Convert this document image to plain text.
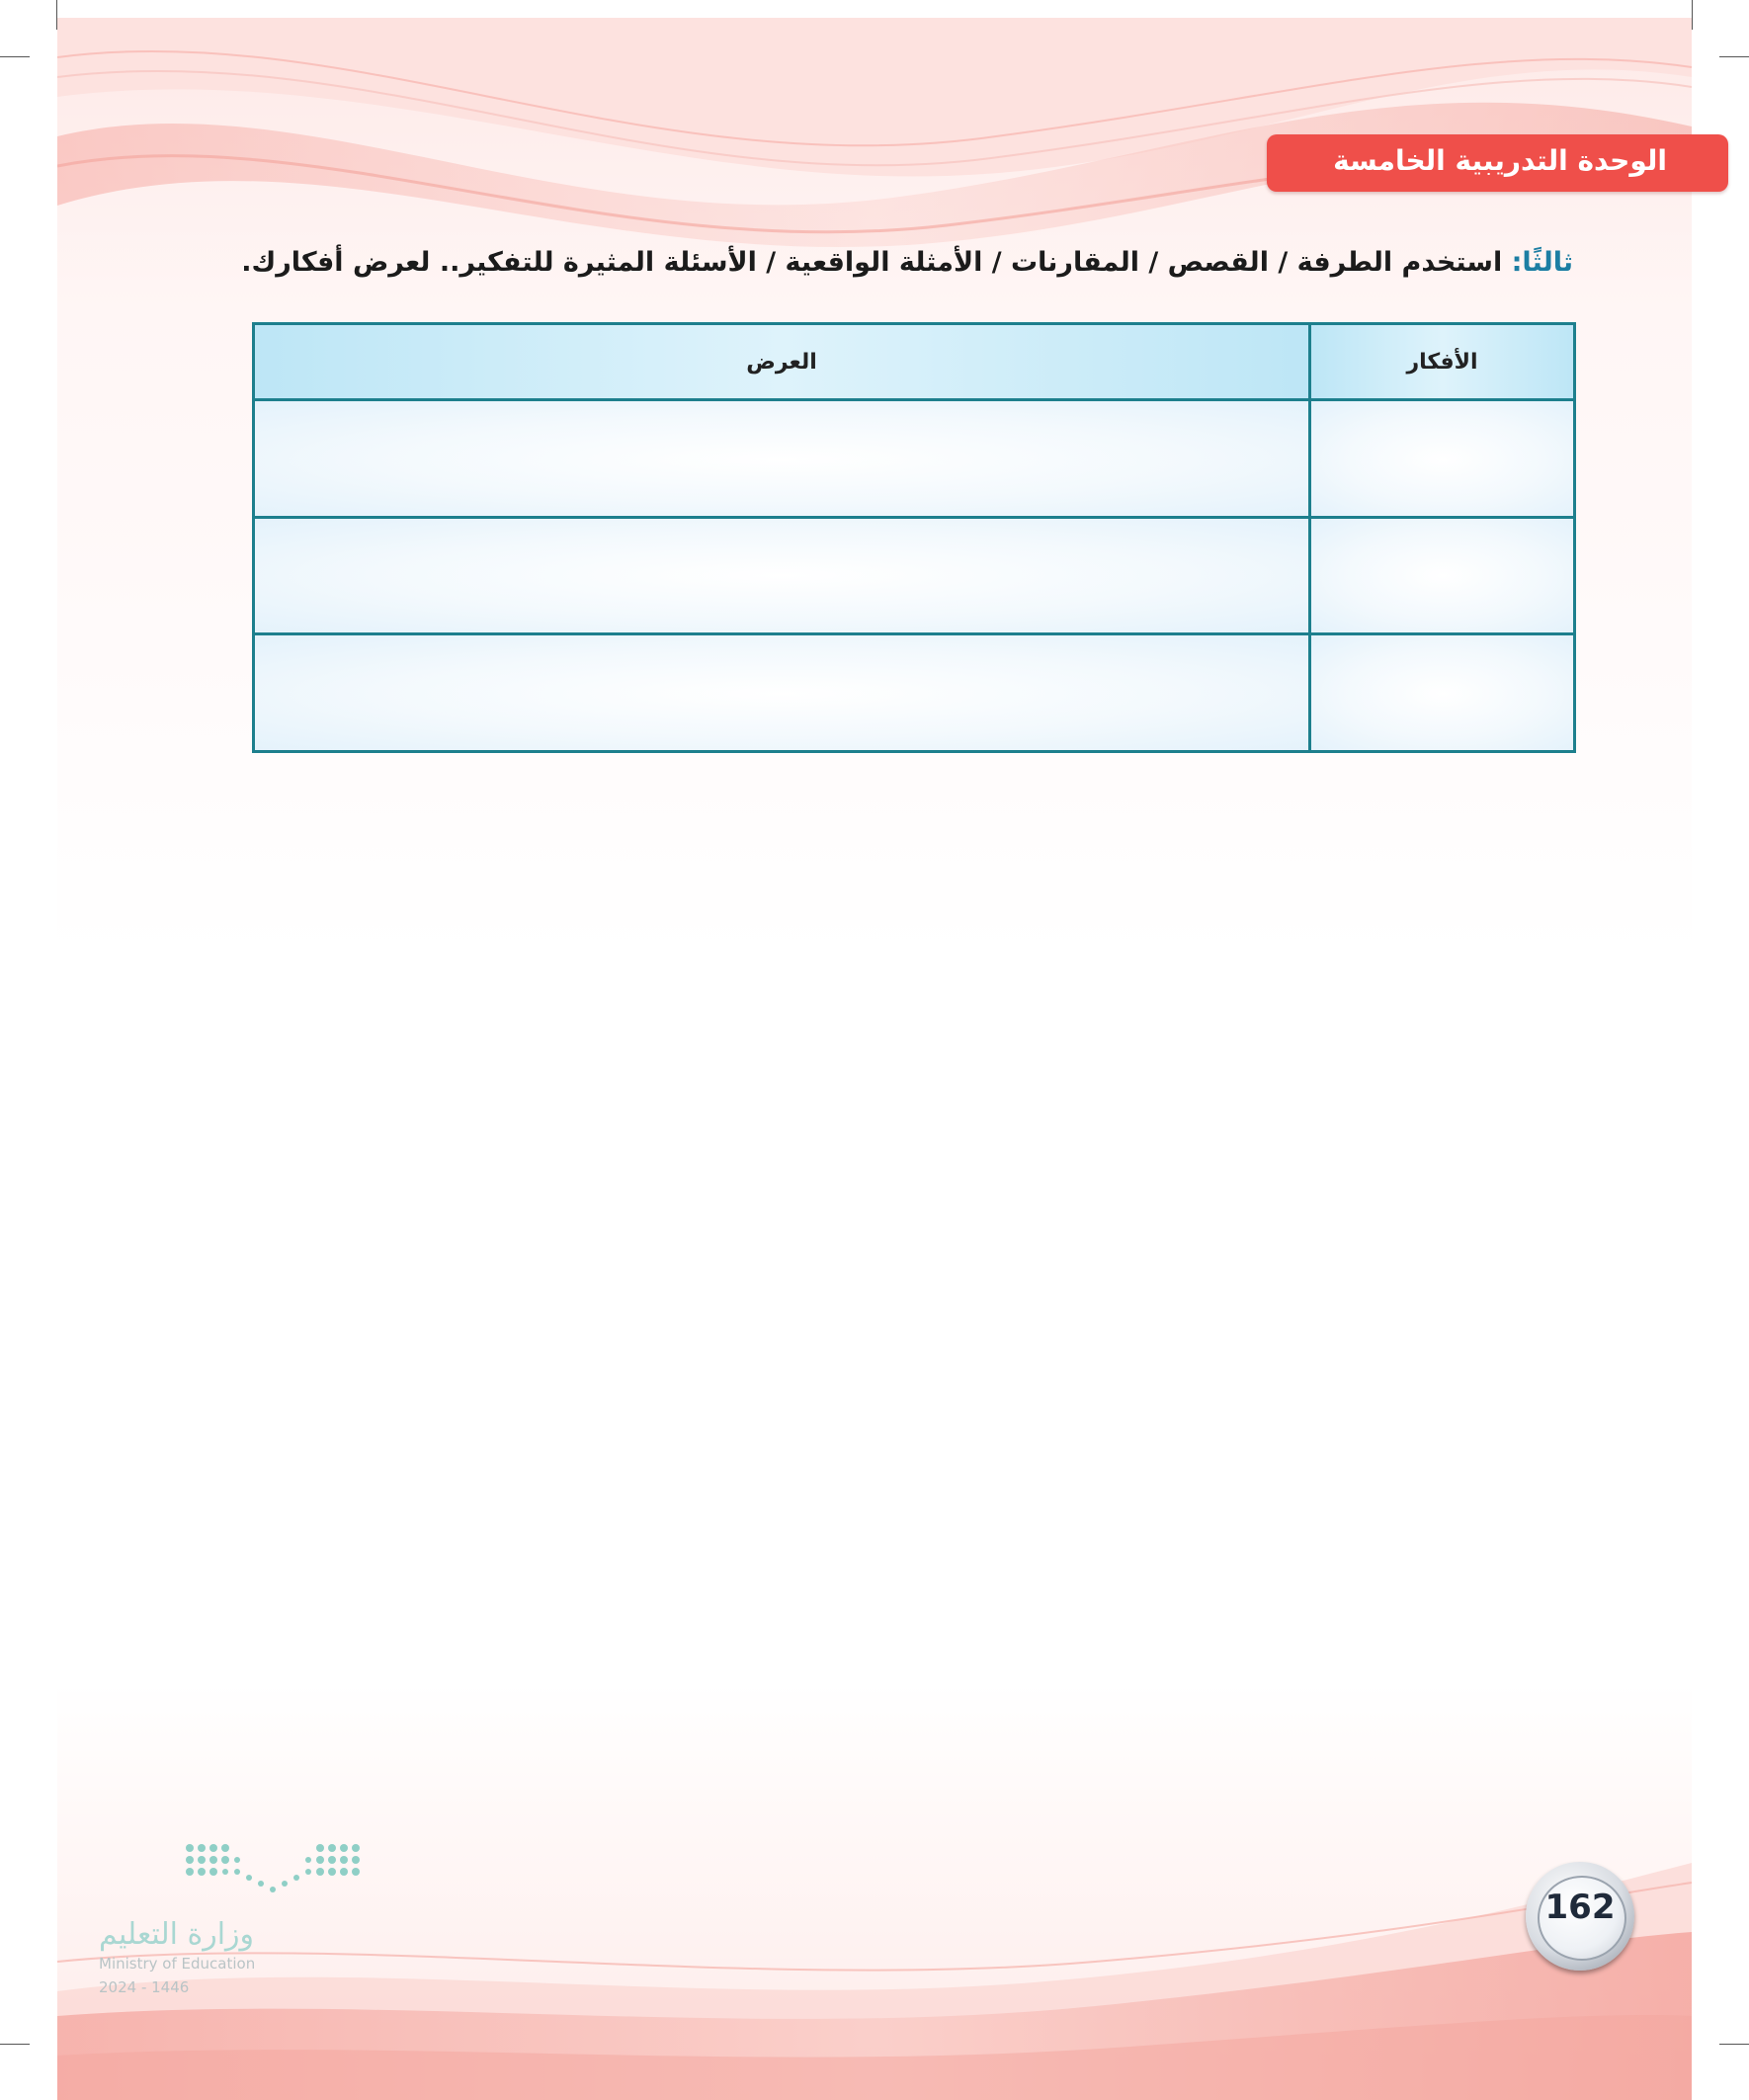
الوحدة التدريبية الخامسة
ثالثًا: استخدم الطرفة / القصص / المقارنات / الأمثلة الواقعية / الأسئلة المثيرة للتفكير.. لعرض أفكارك.
الأفكار	العرض

وزارة التعليم
Ministry of Education
2024 - 1446
162
